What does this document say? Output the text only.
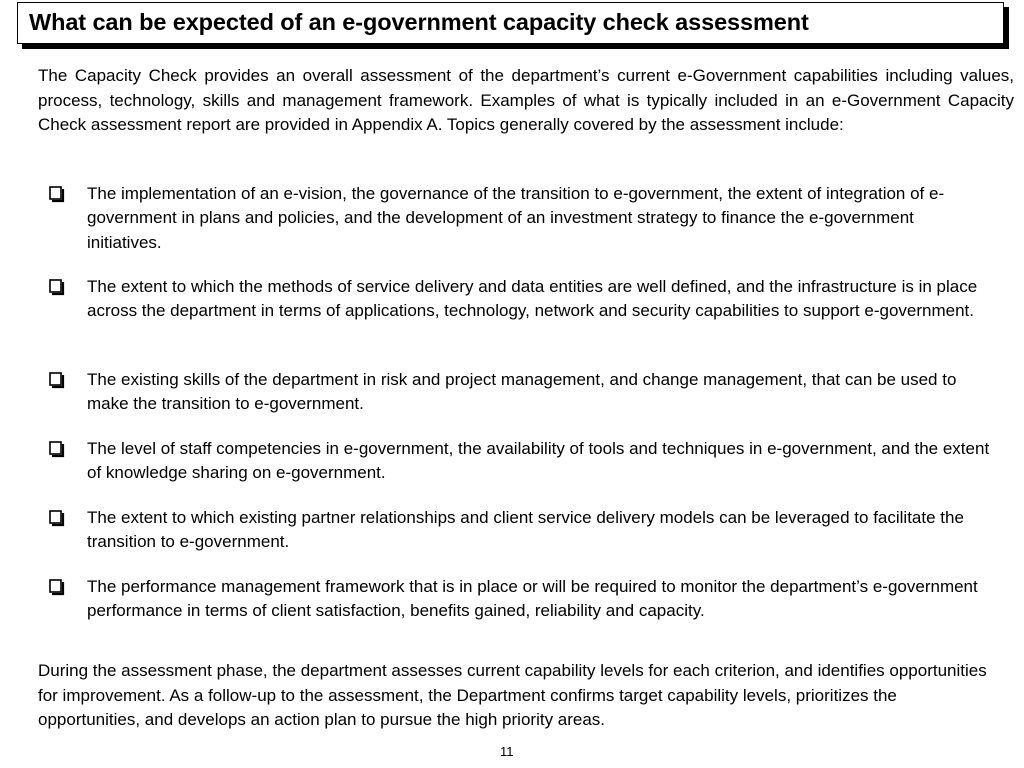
What can be expected of an e-government capacity check assessment

The Capacity Check provides an overall assessment of the department’s current e-Government capabilities including values, process, technology, skills and management framework. Examples of what is typically included in an e-Government Capacity Check assessment report are provided in Appendix A. Topics generally covered by the assessment include:

The implementation of an e-vision, the governance of the transition to e-government, the extent of integration of e-government in plans and policies, and the development of an investment strategy to finance the e-government initiatives.
The extent to which the methods of service delivery and data entities are well defined, and the infrastructure is in place across the department in terms of applications, technology, network and security capabilities to support e-government.
The existing skills of the department in risk and project management, and change management, that can be used to make the transition to e-government.
The level of staff competencies in e-government, the availability of tools and techniques in e-government, and the extent of knowledge sharing on e-government.
The extent to which existing partner relationships and client service delivery models can be leveraged to facilitate the transition to e-government.
The performance management framework that is in place or will be required to monitor the department’s e-government performance in terms of client satisfaction, benefits gained, reliability and capacity.

During the assessment phase, the department assesses current capability levels for each criterion, and identifies opportunities for improvement. As a follow-up to the assessment, the Department confirms target capability levels, prioritizes the opportunities, and develops an action plan to pursue the high priority areas.

11
